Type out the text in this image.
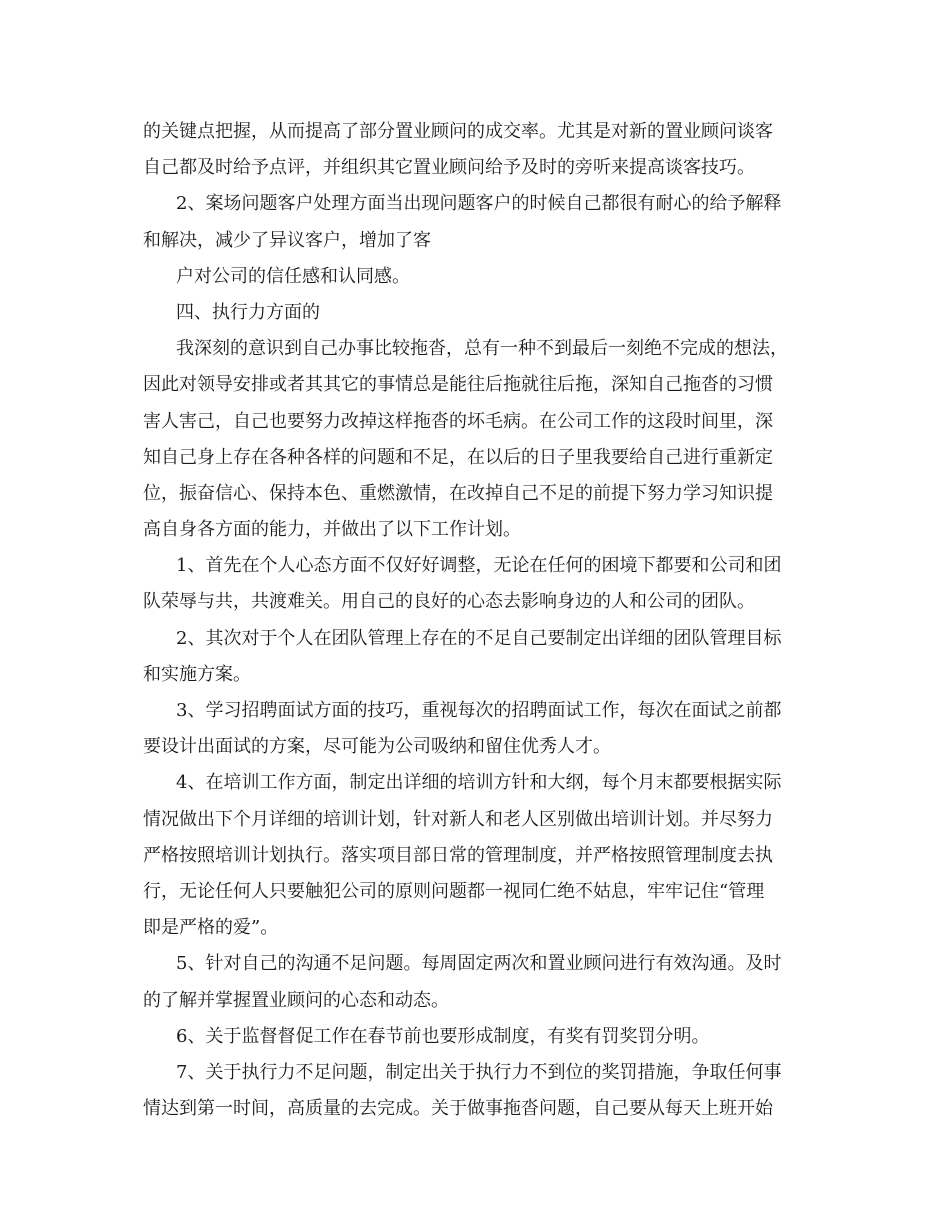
的关键点把握，从而提高了部分置业顾问的成交率。尤其是对新的置业顾问谈客
自己都及时给予点评，并组织其它置业顾问给予及时的旁听来提高谈客技巧。
2、案场问题客户处理方面当出现问题客户的时候自己都很有耐心的给予解释
和解决，减少了异议客户，增加了客
户对公司的信任感和认同感。
四、执行力方面的
我深刻的意识到自己办事比较拖沓，总有一种不到最后一刻绝不完成的想法，
因此对领导安排或者其其它的事情总是能往后拖就往后拖，深知自己拖沓的习惯
害人害己，自己也要努力改掉这样拖沓的坏毛病。在公司工作的这段时间里，深
知自己身上存在各种各样的问题和不足，在以后的日子里我要给自己进行重新定
位，振奋信心、保持本色、重燃激情，在改掉自己不足的前提下努力学习知识提
高自身各方面的能力，并做出了以下工作计划。
1、首先在个人心态方面不仅好好调整，无论在任何的困境下都要和公司和团
队荣辱与共，共渡难关。用自己的良好的心态去影响身边的人和公司的团队。
2、其次对于个人在团队管理上存在的不足自己要制定出详细的团队管理目标
和实施方案。
3、学习招聘面试方面的技巧，重视每次的招聘面试工作，每次在面试之前都
要设计出面试的方案，尽可能为公司吸纳和留住优秀人才。
4、在培训工作方面，制定出详细的培训方针和大纲，每个月末都要根据实际
情况做出下个月详细的培训计划，针对新人和老人区别做出培训计划。并尽努力
严格按照培训计划执行。落实项目部日常的管理制度，并严格按照管理制度去执
行，无论任何人只要触犯公司的原则问题都一视同仁绝不姑息，牢牢记住“管理
即是严格的爱”。
5、针对自己的沟通不足问题。每周固定两次和置业顾问进行有效沟通。及时
的了解并掌握置业顾问的心态和动态。
6、关于监督督促工作在春节前也要形成制度，有奖有罚奖罚分明。
7、关于执行力不足问题，制定出关于执行力不到位的奖罚措施，争取任何事
情达到第一时间，高质量的去完成。关于做事拖沓问题，自己要从每天上班开始
